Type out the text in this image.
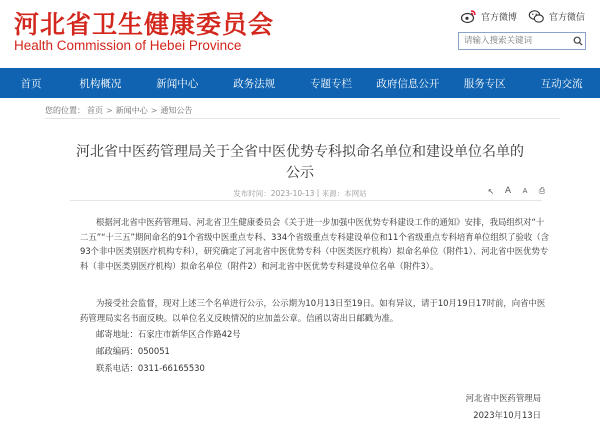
河北省卫生健康委员会
Health Commission of Hebei Province
官方微博	官方微信
请输入搜索关键词
首页	机构概况	新闻中心	政务法规	专题专栏	政府信息公开	服务专区	互动交流
您的位置： 首页 > 新闻中心 > 通知公告
河北省中医药管理局关于全省中医优势专科拟命名单位和建设单位名单的公示
发布时间：2023-10-13 | 来源：本网站	↖	A	A	⎙
根据河北省中医药管理局、河北省卫生健康委员会《关于进一步加强中医优势专科建设工作的通知》安排，我局组织对“十二五”“十三五”期间命名的91个省级中医重点专科、334个省级重点专科建设单位和11个省级重点专科培育单位组织了验收（含93个非中医类别医疗机构专科），研究确定了河北省中医优势专科（中医类医疗机构）拟命名单位（附件1）、河北省中医优势专科（非中医类别医疗机构）拟命名单位（附件2）和河北省中医优势专科建设单位名单（附件3）。
为接受社会监督，现对上述三个名单进行公示，公示期为10月13日至19日。如有异议，请于10月19日17时前，向省中医药管理局实名书面反映。以单位名义反映情况的应加盖公章。信函以寄出日邮戳为准。
邮寄地址：石家庄市新华区合作路42号
邮政编码：050051
联系电话：0311-66165530
河北省中医药管理局
2023年10月13日
